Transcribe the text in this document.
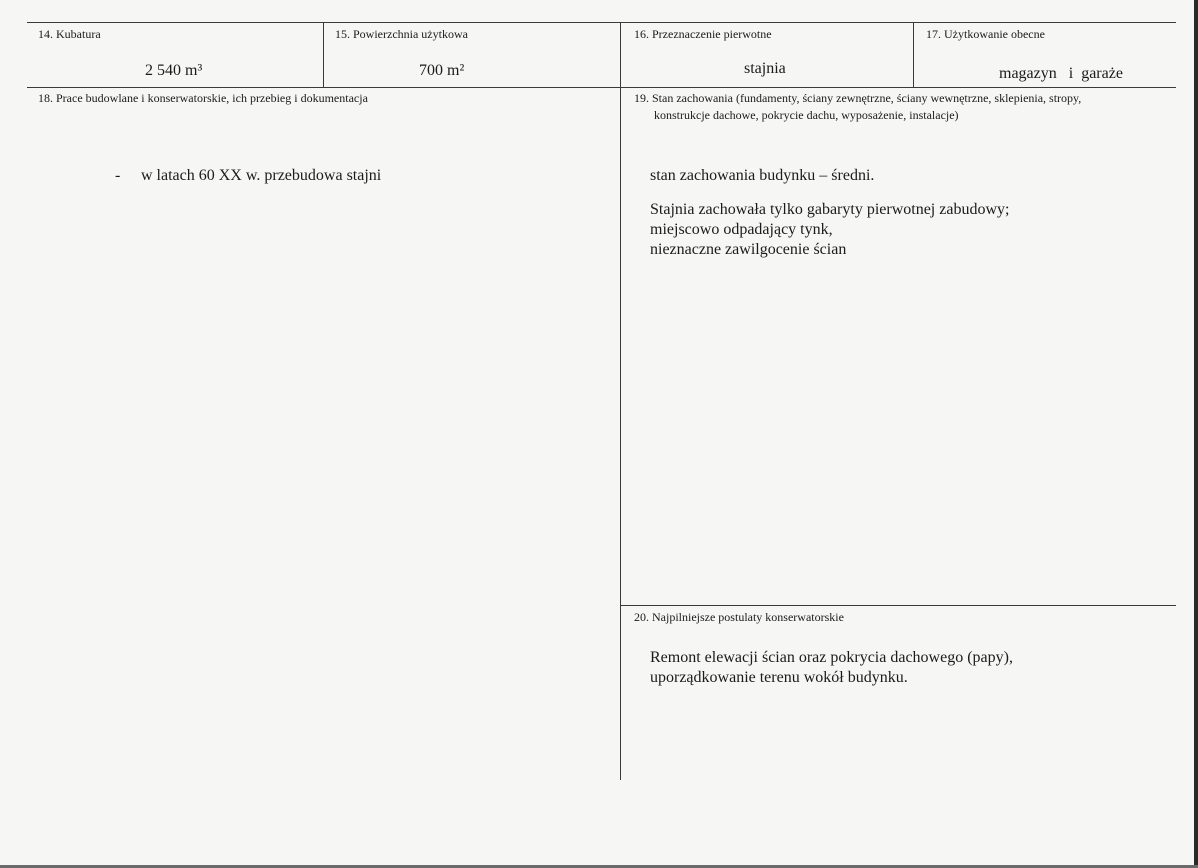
14. Kubatura
2 540 m³
15. Powierzchnia użytkowa
700 m²
16. Przeznaczenie pierwotne
stajnia
17. Użytkowanie obecne
magazyn   i  garaże
18. Prace budowlane i konserwatorskie, ich przebieg i dokumentacja
- w latach 60 XX w. przebudowa stajni
19. Stan zachowania (fundamenty, ściany zewnętrzne, ściany wewnętrzne, sklepienia, stropy,
konstrukcje dachowe, pokrycie dachu, wyposażenie, instalacje)

stan zachowania budynku – średni.

Stajnia zachowała tylko gabaryty pierwotnej zabudowy;

miejscowo odpadający tynk,

nieznaczne zawilgocenie ścian

20. Najpilniejsze postulaty konserwatorskie

Remont elewacji ścian oraz pokrycia dachowego (papy),

uporządkowanie terenu wokół budynku.
